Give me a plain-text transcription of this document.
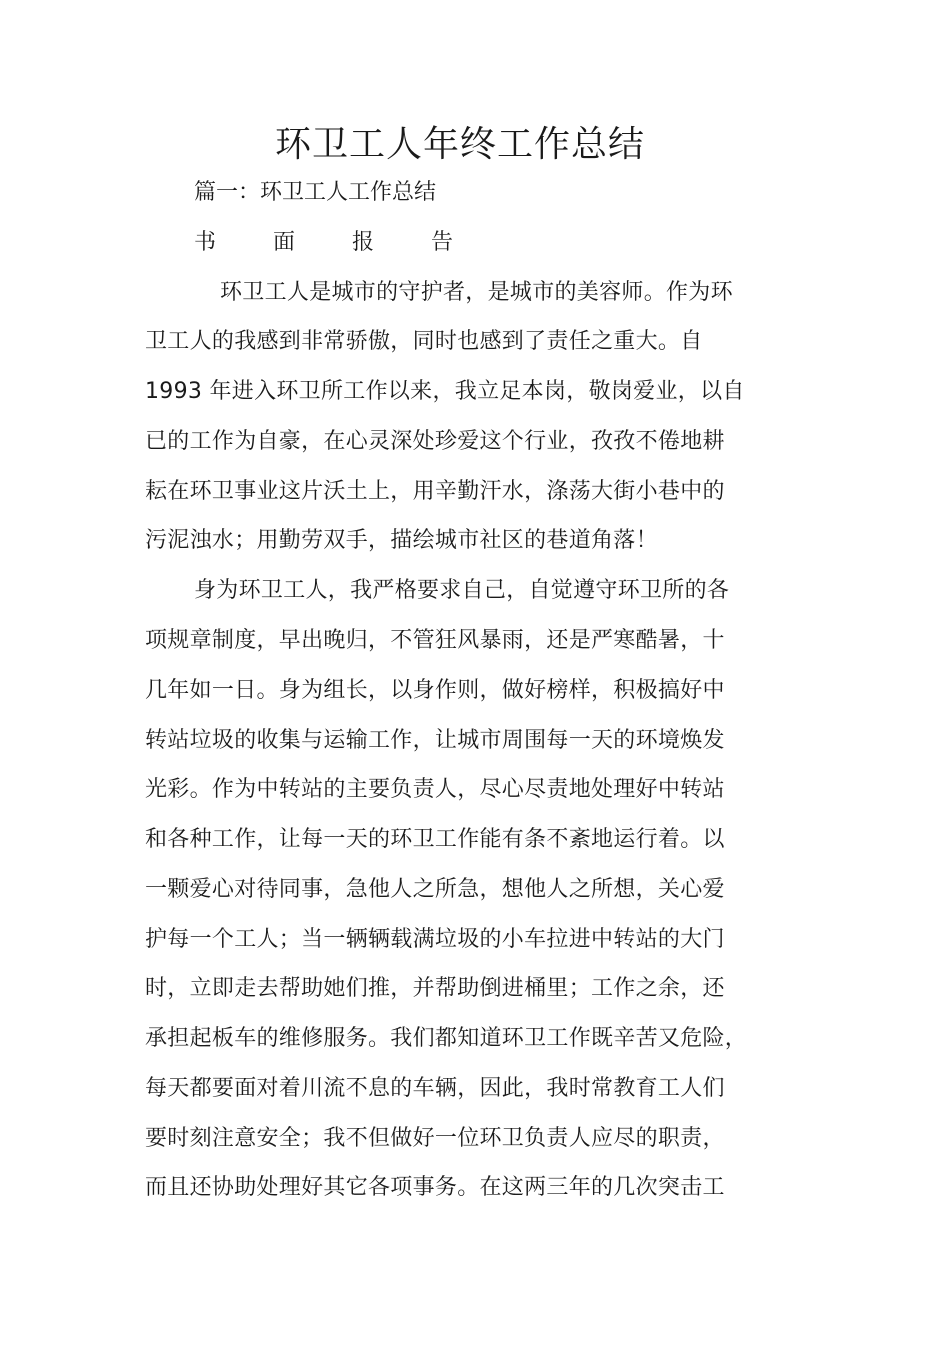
环卫工人年终工作总结
篇一：环卫工人工作总结
书	面	报	告
环卫工人是城市的守护者，是城市的美容师。作为环
卫工人的我感到非常骄傲，同时也感到了责任之重大。自
1993 年进入环卫所工作以来，我立足本岗，敬岗爱业，以自
已的工作为自豪，在心灵深处珍爱这个行业，孜孜不倦地耕
耘在环卫事业这片沃土上，用辛勤汗水，涤荡大街小巷中的
污泥浊水；用勤劳双手，描绘城市社区的巷道角落！
身为环卫工人，我严格要求自己，自觉遵守环卫所的各
项规章制度，早出晚归，不管狂风暴雨，还是严寒酷暑，十
几年如一日。身为组长，以身作则，做好榜样，积极搞好中
转站垃圾的收集与运输工作，让城市周围每一天的环境焕发
光彩。作为中转站的主要负责人，尽心尽责地处理好中转站
和各种工作，让每一天的环卫工作能有条不紊地运行着。以
一颗爱心对待同事，急他人之所急，想他人之所想，关心爱
护每一个工人；当一辆辆载满垃圾的小车拉进中转站的大门
时，立即走去帮助她们推，并帮助倒进桶里；工作之余，还
承担起板车的维修服务。我们都知道环卫工作既辛苦又危险，
每天都要面对着川流不息的车辆，因此，我时常教育工人们
要时刻注意安全；我不但做好一位环卫负责人应尽的职责，
而且还协助处理好其它各项事务。在这两三年的几次突击工
